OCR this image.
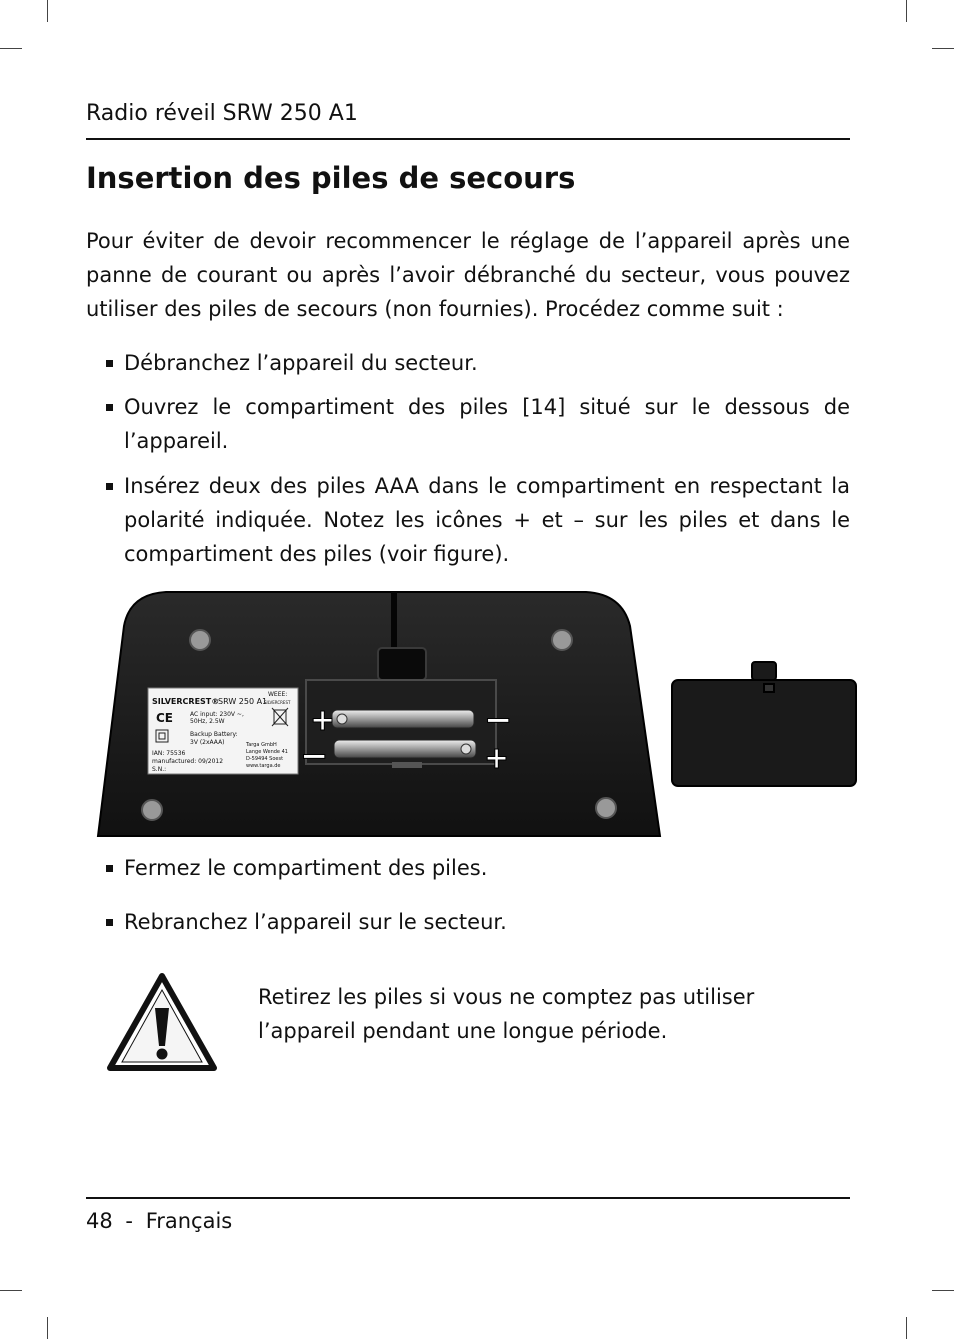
Radio réveil SRW 250 A1
Insertion des piles de secours

Pour éviter de devoir recommencer le réglage de l’appareil après une panne de courant ou après l’avoir débranché du secteur, vous pouvez utiliser des piles de secours (non fournies). Procédez comme suit :

Débranchez l’appareil du secteur.
Ouvrez le compartiment des piles [14] situé sur le dessous de l’appareil.
Insérez deux des piles AAA dans le compartiment en respectant la polarité indiquée. Notez les icônes + et – sur les piles et dans le compartiment des piles (voir figure).
SILVERCREST®
SRW 250 A1
WEEE:
SILVERCREST
CE	AC input: 230V ~,
50Hz, 2.5W
Backup Battery:
3V (2xAAA)
IAN: 75536
manufactured: 09/2012
S.N.:
Targa GmbH
Lange Wende 41
D-59494 Soest
www.targa.de
+	−
−	+
Fermez le compartiment des piles.
Rebranchez l’appareil sur le secteur.
Retirez les piles si vous ne comptez pas utiliser l’appareil pendant une longue période.
48 - Français
